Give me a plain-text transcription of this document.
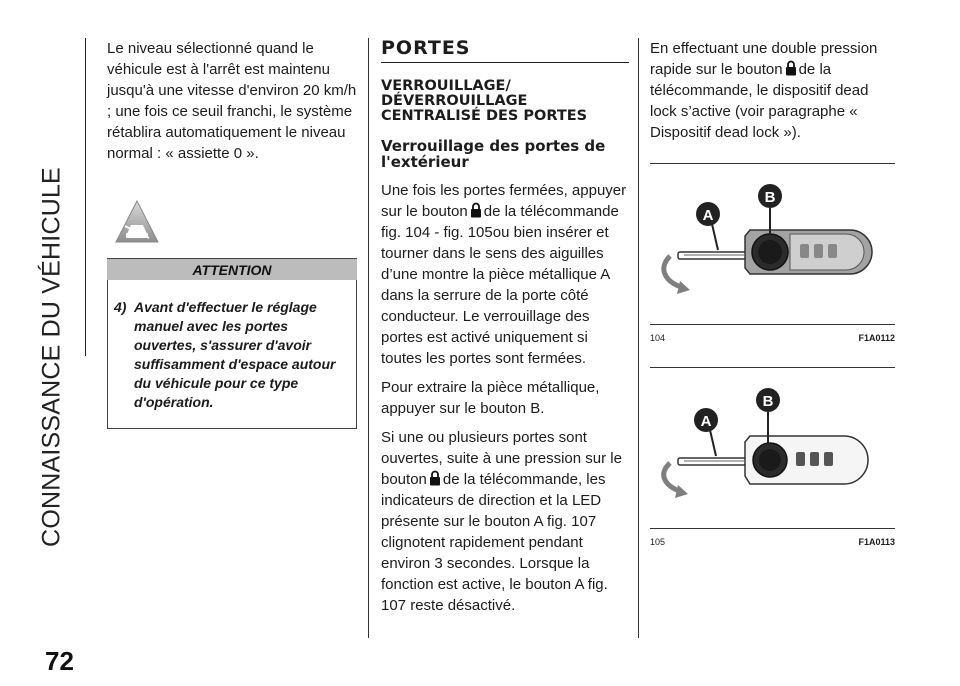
CONNAISSANCE DU VÉHICULE
72

Le niveau sélectionné quand le véhicule est à l'arrêt est maintenu jusqu'à une vitesse d'environ 20 km/h ; une fois ce seuil franchi, le système rétablira automatiquement le niveau normal : « assiette 0 ».

ATTENTION
4) Avant d'effectuer le réglage manuel avec les portes ouvertes, s'assurer d'avoir suffisamment d'espace autour du véhicule pour ce type d'opération.
PORTES
VERROUILLAGE/ DÉVERROUILLAGE CENTRALISÉ DES PORTES
Verrouillage des portes de l'extérieur

Une fois les portes fermées, appuyer sur le bouton de la télécommande fig. 104 - fig. 105ou bien insérer et tourner dans le sens des aiguilles d’une montre la pièce métallique A dans la serrure de la porte côté conducteur. Le verrouillage des portes est activé uniquement si toutes les portes sont fermées.

Pour extraire la pièce métallique, appuyer sur le bouton B.

Si une ou plusieurs portes sont ouvertes, suite à une pression sur le bouton de la télécommande, les indicateurs de direction et la LED présente sur le bouton A fig. 107 clignotent rapidement pendant environ 3 secondes. Lorsque la fonction est active, le bouton A fig. 107 reste désactivé.

En effectuant une double pression rapide sur le bouton de la télécommande, le dispositif dead lock s’active (voir paragraphe « Dispositif dead lock »).

A
B
104	F1A0112
A
B
105	F1A0113
